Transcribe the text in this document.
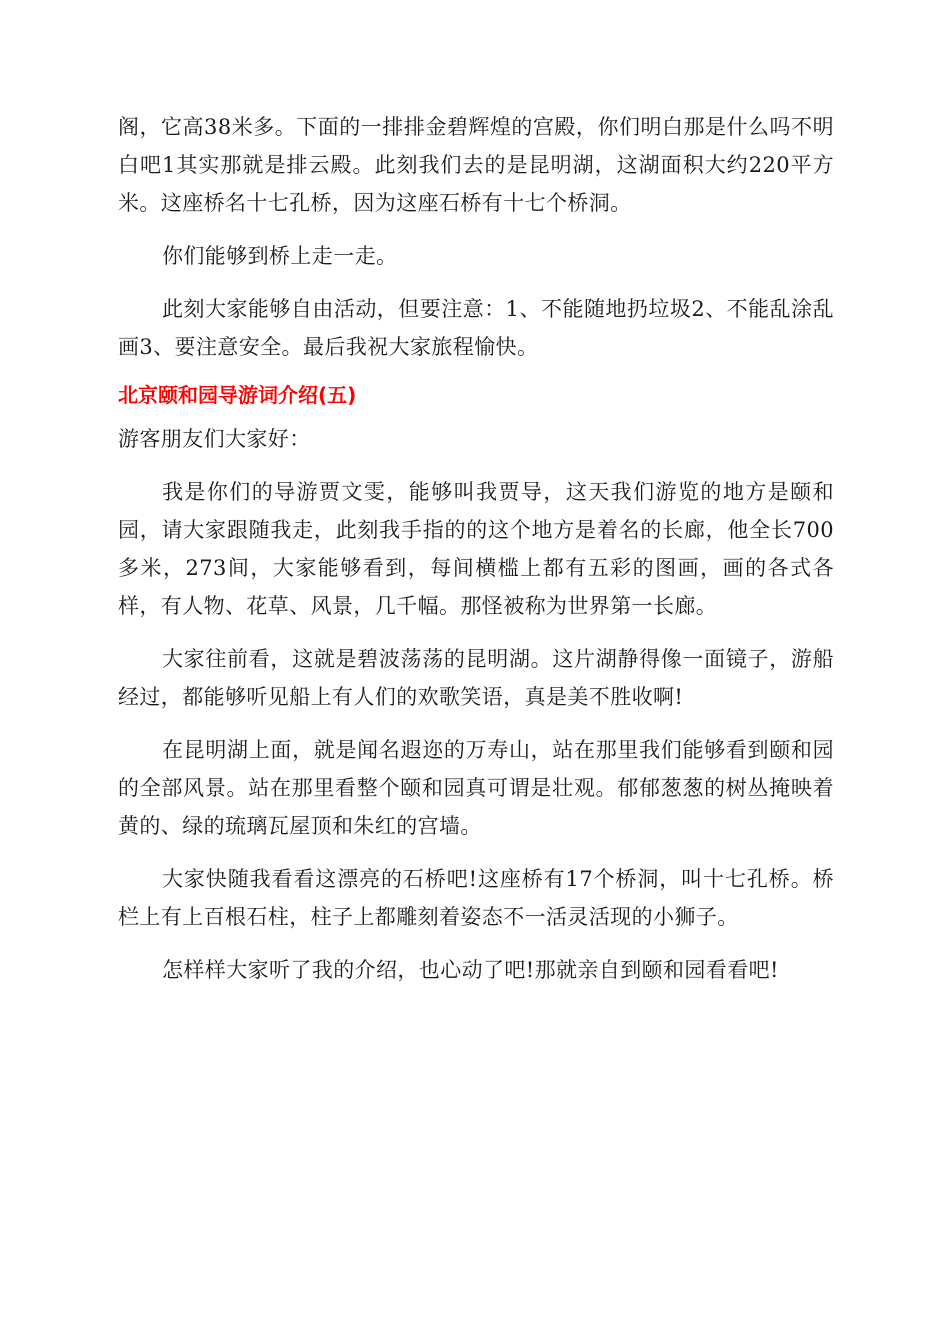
阁，它高38米多。下面的一排排金碧辉煌的宫殿，你们明白那是什么吗不明白吧1其实那就是排云殿。此刻我们去的是昆明湖，这湖面积大约220平方米。这座桥名十七孔桥，因为这座石桥有十七个桥洞。

你们能够到桥上走一走。

此刻大家能够自由活动，但要注意：1、不能随地扔垃圾2、不能乱涂乱画3、要注意安全。最后我祝大家旅程愉快。

北京颐和园导游词介绍(五)

游客朋友们大家好：

我是你们的导游贾文雯，能够叫我贾导，这天我们游览的地方是颐和园，请大家跟随我走，此刻我手指的的这个地方是着名的长廊，他全长700多米，273间，大家能够看到，每间横槛上都有五彩的图画，画的各式各样，有人物、花草、风景，几千幅。那怪被称为世界第一长廊。

大家往前看，这就是碧波荡荡的昆明湖。这片湖静得像一面镜子，游船经过，都能够听见船上有人们的欢歌笑语，真是美不胜收啊!

在昆明湖上面，就是闻名遐迩的万寿山，站在那里我们能够看到颐和园的全部风景。站在那里看整个颐和园真可谓是壮观。郁郁葱葱的树丛掩映着黄的、绿的琉璃瓦屋顶和朱红的宫墙。

大家快随我看看这漂亮的石桥吧!这座桥有17个桥洞，叫十七孔桥。桥栏上有上百根石柱，柱子上都雕刻着姿态不一活灵活现的小狮子。

怎样样大家听了我的介绍，也心动了吧!那就亲自到颐和园看看吧!
